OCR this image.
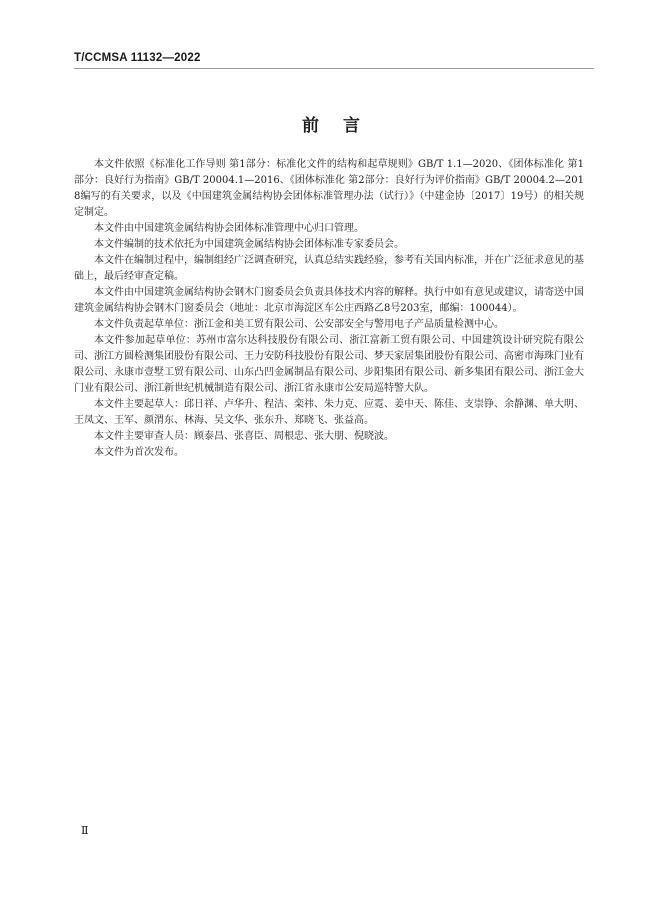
T/CCMSA 11132—2022
前言

本文件依照《标准化工作导则 第1部分：标准化文件的结构和起草规则》GB/T 1.1—2020、《团体标准化 第1部分：良好行为指南》GB/T 20004.1—2016、《团体标准化 第2部分：良好行为评价指南》GB/T 20004.2—2018编写的有关要求，以及《中国建筑金属结构协会团体标准管理办法（试行）》（中建金协〔2017〕19号）的相关规定制定。

本文件由中国建筑金属结构协会团体标准管理中心归口管理。

本文件编制的技术依托为中国建筑金属结构协会团体标准专家委员会。

本文件在编制过程中，编制组经广泛调查研究，认真总结实践经验，参考有关国内标准，并在广泛征求意见的基础上，最后经审查定稿。

本文件由中国建筑金属结构协会钢木门窗委员会负责具体技术内容的解释。执行中如有意见或建议，请寄送中国建筑金属结构协会钢木门窗委员会（地址：北京市海淀区车公庄西路乙8号203室，邮编：100044）。

本文件负责起草单位：浙江金和美工贸有限公司、公安部安全与警用电子产品质量检测中心。

本文件参加起草单位：苏州市富尔达科技股份有限公司、浙江富新工贸有限公司、中国建筑设计研究院有限公司、浙江方圆检测集团股份有限公司、王力安防科技股份有限公司、梦天家居集团股份有限公司、高密市海珠门业有限公司、永康市壹墅工贸有限公司、山东凸凹金属制品有限公司、步阳集团有限公司、新多集团有限公司、浙江金大门业有限公司、浙江新世纪机械制造有限公司、浙江省永康市公安局巡特警大队。

本文件主要起草人：邱日祥、卢华升、程洁、栾祎、朱力克、应霓、姜中天、陈佳、支崇铮、余静渊、单大明、王凤文、王军、颜渭东、林海、吴文华、张东升、郑晓飞、张益高。

本文件主要审查人员：顾泰昌、张喜臣、周根忠、张大朋、倪晓波。

本文件为首次发布。

Ⅱ
